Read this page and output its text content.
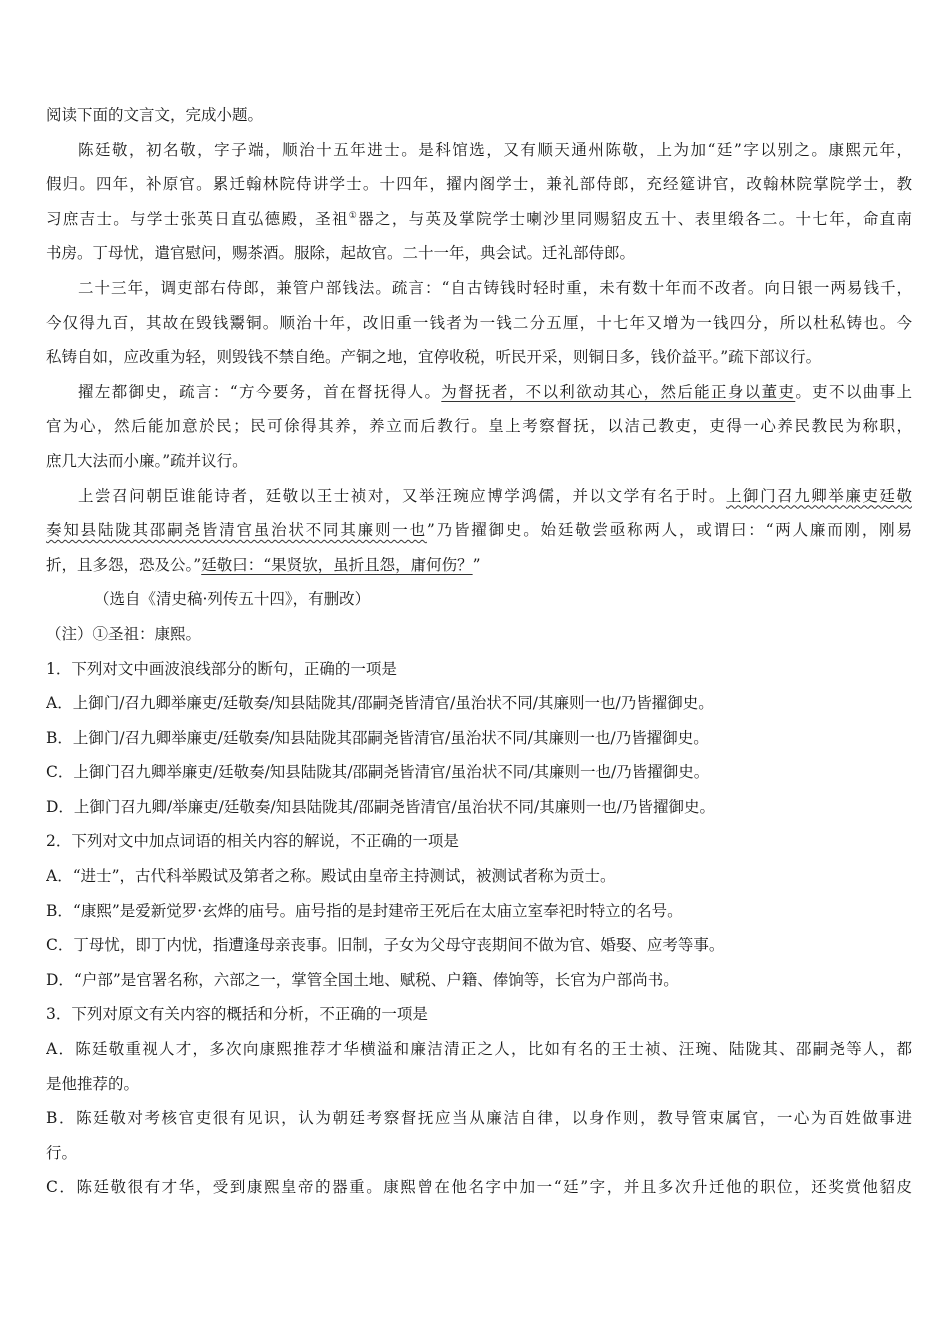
阅读下面的文言文，完成小题。
陈廷敬，初名敬，字子端，顺治十五年进士。是科馆选，又有顺天通州陈敬，上为加“廷”字以别之。康熙元年，
假归。四年，补原官。累迁翰林院侍讲学士。十四年，擢内阁学士，兼礼部侍郎，充经筵讲官，改翰林院掌院学士，教
习庶吉士。与学士张英日直弘德殿，圣祖①器之，与英及掌院学士喇沙里同赐貂皮五十、表里缎各二。十七年，命直南
书房。丁母忧，遣官慰问，赐茶酒。服除，起故官。二十一年，典会试。迁礼部侍郎。
二十三年，调吏部右侍郎，兼管户部钱法。疏言：“自古铸钱时轻时重，未有数十年而不改者。向日银一两易钱千，
今仅得九百，其故在毁钱鬻铜。顺治十年，改旧重一钱者为一钱二分五厘，十七年又增为一钱四分，所以杜私铸也。今
私铸自如，应改重为轻，则毁钱不禁自绝。产铜之地，宜停收税，听民开采，则铜日多，钱价益平。”疏下部议行。
擢左都御史，疏言：“方今要务，首在督抚得人。为督抚者，不以利欲动其心，然后能正身以董吏。吏不以曲事上
官为心，然后能加意於民；民可俆得其养，养立而后教行。皇上考察督抚，以洁己教吏，吏得一心养民教民为称职，
庶几大法而小廉。”疏并议行。
上尝召问朝臣谁能诗者，廷敬以王士祯对，又举汪琬应博学鸿儒，并以文学有名于时。上御门召九卿举廉吏廷敬
奏知县陆陇其邵嗣尧皆清官虽治状不同其廉则一也”乃皆擢御史。始廷敬尝亟称两人，或谓曰：“两人廉而刚，刚易
折，且多怨，恐及公。”廷敬曰：“果贤欤，虽折且怨，庸何伤？”
（选自《清史稿·列传五十四》，有删改）
（注）①圣祖：康熙。
1．下列对文中画波浪线部分的断句，正确的一项是
A．上御门/召九卿举廉吏/廷敬奏/知县陆陇其/邵嗣尧皆清官/虽治状不同/其廉则一也/乃皆擢御史。
B．上御门/召九卿举廉吏/廷敬奏/知县陆陇其邵嗣尧皆清官/虽治状不同/其廉则一也/乃皆擢御史。
C．上御门召九卿举廉吏/廷敬奏/知县陆陇其/邵嗣尧皆清官/虽治状不同/其廉则一也/乃皆擢御史。
D．上御门召九卿/举廉吏/廷敬奏/知县陆陇其/邵嗣尧皆清官/虽治状不同/其廉则一也/乃皆擢御史。
2．下列对文中加点词语的相关内容的解说，不正确的一项是
A．“进士”，古代科举殿试及第者之称。殿试由皇帝主持测试，被测试者称为贡士。
B．“康熙”是爱新觉罗·玄烨的庙号。庙号指的是封建帝王死后在太庙立室奉祀时特立的名号。
C．丁母忧，即丁内忧，指遭逢母亲丧事。旧制，子女为父母守丧期间不做为官、婚娶、应考等事。
D．“户部”是官署名称，六部之一，掌管全国土地、赋税、户籍、俸饷等，长官为户部尚书。
3．下列对原文有关内容的概括和分析，不正确的一项是
A．陈廷敬重视人才，多次向康熙推荐才华横溢和廉洁清正之人，比如有名的王士祯、汪琬、陆陇其、邵嗣尧等人，都
是他推荐的。
B．陈廷敬对考核官吏很有见识，认为朝廷考察督抚应当从廉洁自律，以身作则，教导管束属官，一心为百姓做事进
行。
C．陈廷敬很有才华，受到康熙皇帝的器重。康熙曾在他名字中加一“廷”字，并且多次升迁他的职位，还奖赏他貂皮
